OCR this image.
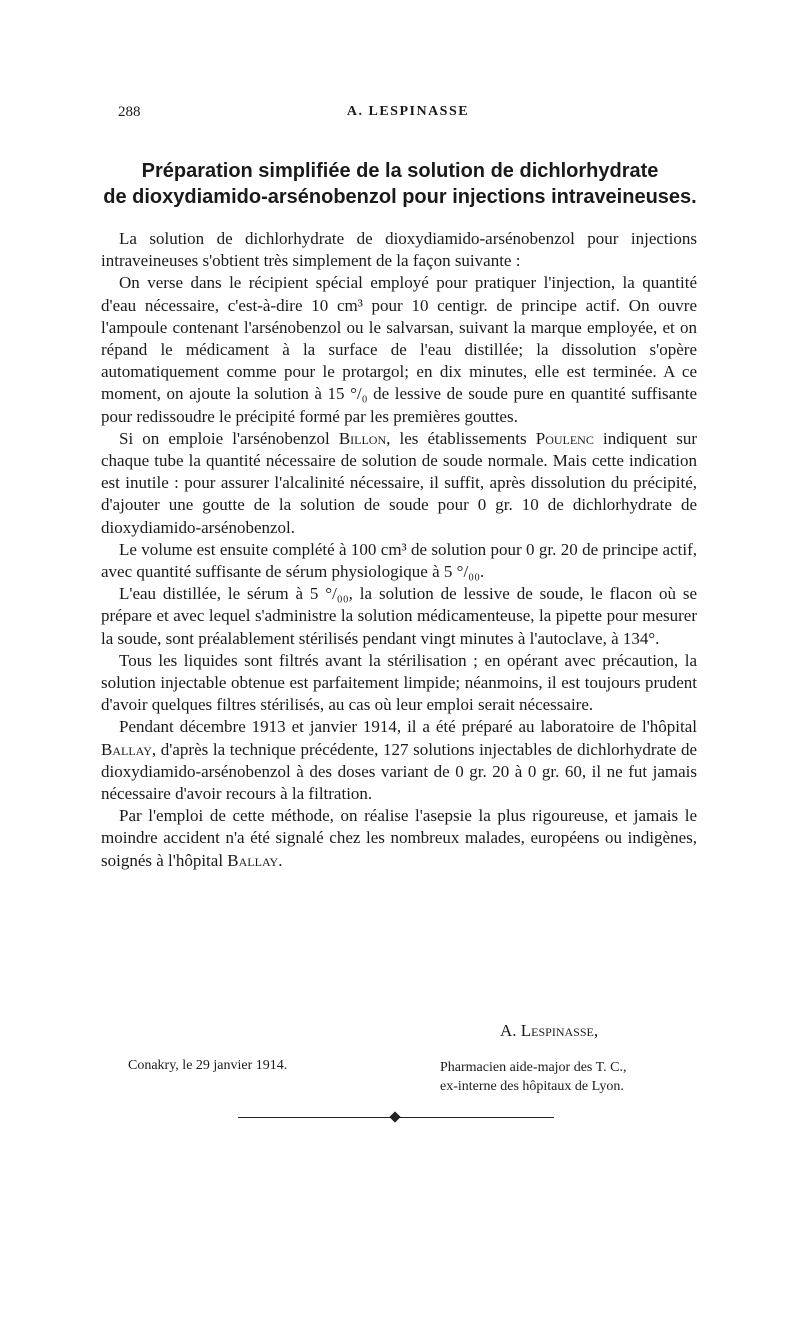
288	A. LESPINASSE
Préparation simplifiée de la solution de dichlorhydrate
de dioxydiamido-arsénobenzol pour injections intraveineuses.

La solution de dichlorhydrate de dioxydiamido-arsénobenzol pour injections intraveineuses s'obtient très simplement de la façon suivante :

On verse dans le récipient spécial employé pour pratiquer l'injection, la quantité d'eau nécessaire, c'est-à-dire 10 cm³ pour 10 centigr. de principe actif. On ouvre l'ampoule contenant l'arsénobenzol ou le salvarsan, suivant la marque employée, et on répand le médicament à la surface de l'eau distillée; la dissolution s'opère automatiquement comme pour le protargol; en dix minutes, elle est terminée. A ce moment, on ajoute la solution à 15 °/₀ de lessive de soude pure en quantité suffisante pour redissoudre le précipité formé par les premières gouttes.

Si on emploie l'arsénobenzol Billon, les établissements Poulenc indiquent sur chaque tube la quantité nécessaire de solution de soude normale. Mais cette indication est inutile : pour assurer l'alcalinité nécessaire, il suffit, après dissolution du précipité, d'ajouter une goutte de la solution de soude pour 0 gr. 10 de dichlorhydrate de dioxydiamido-arsénobenzol.

Le volume est ensuite complété à 100 cm³ de solution pour 0 gr. 20 de principe actif, avec quantité suffisante de sérum physiologique à 5 °/₀₀.

L'eau distillée, le sérum à 5 °/₀₀, la solution de lessive de soude, le flacon où se prépare et avec lequel s'administre la solution médicamenteuse, la pipette pour mesurer la soude, sont préalablement stérilisés pendant vingt minutes à l'autoclave, à 134°.

Tous les liquides sont filtrés avant la stérilisation ; en opérant avec précaution, la solution injectable obtenue est parfaitement limpide; néanmoins, il est toujours prudent d'avoir quelques filtres stérilisés, au cas où leur emploi serait nécessaire.

Pendant décembre 1913 et janvier 1914, il a été préparé au laboratoire de l'hôpital Ballay, d'après la technique précédente, 127 solutions injectables de dichlorhydrate de dioxydiamido-arsénobenzol à des doses variant de 0 gr. 20 à 0 gr. 60, il ne fut jamais nécessaire d'avoir recours à la filtration.

Par l'emploi de cette méthode, on réalise l'asepsie la plus rigoureuse, et jamais le moindre accident n'a été signalé chez les nombreux malades, européens ou indigènes, soignés à l'hôpital Ballay.

A. Lespinasse,
Conakry, le 29 janvier 1914.	Pharmacien aide-major des T. C.,
ex-interne des hôpitaux de Lyon.
